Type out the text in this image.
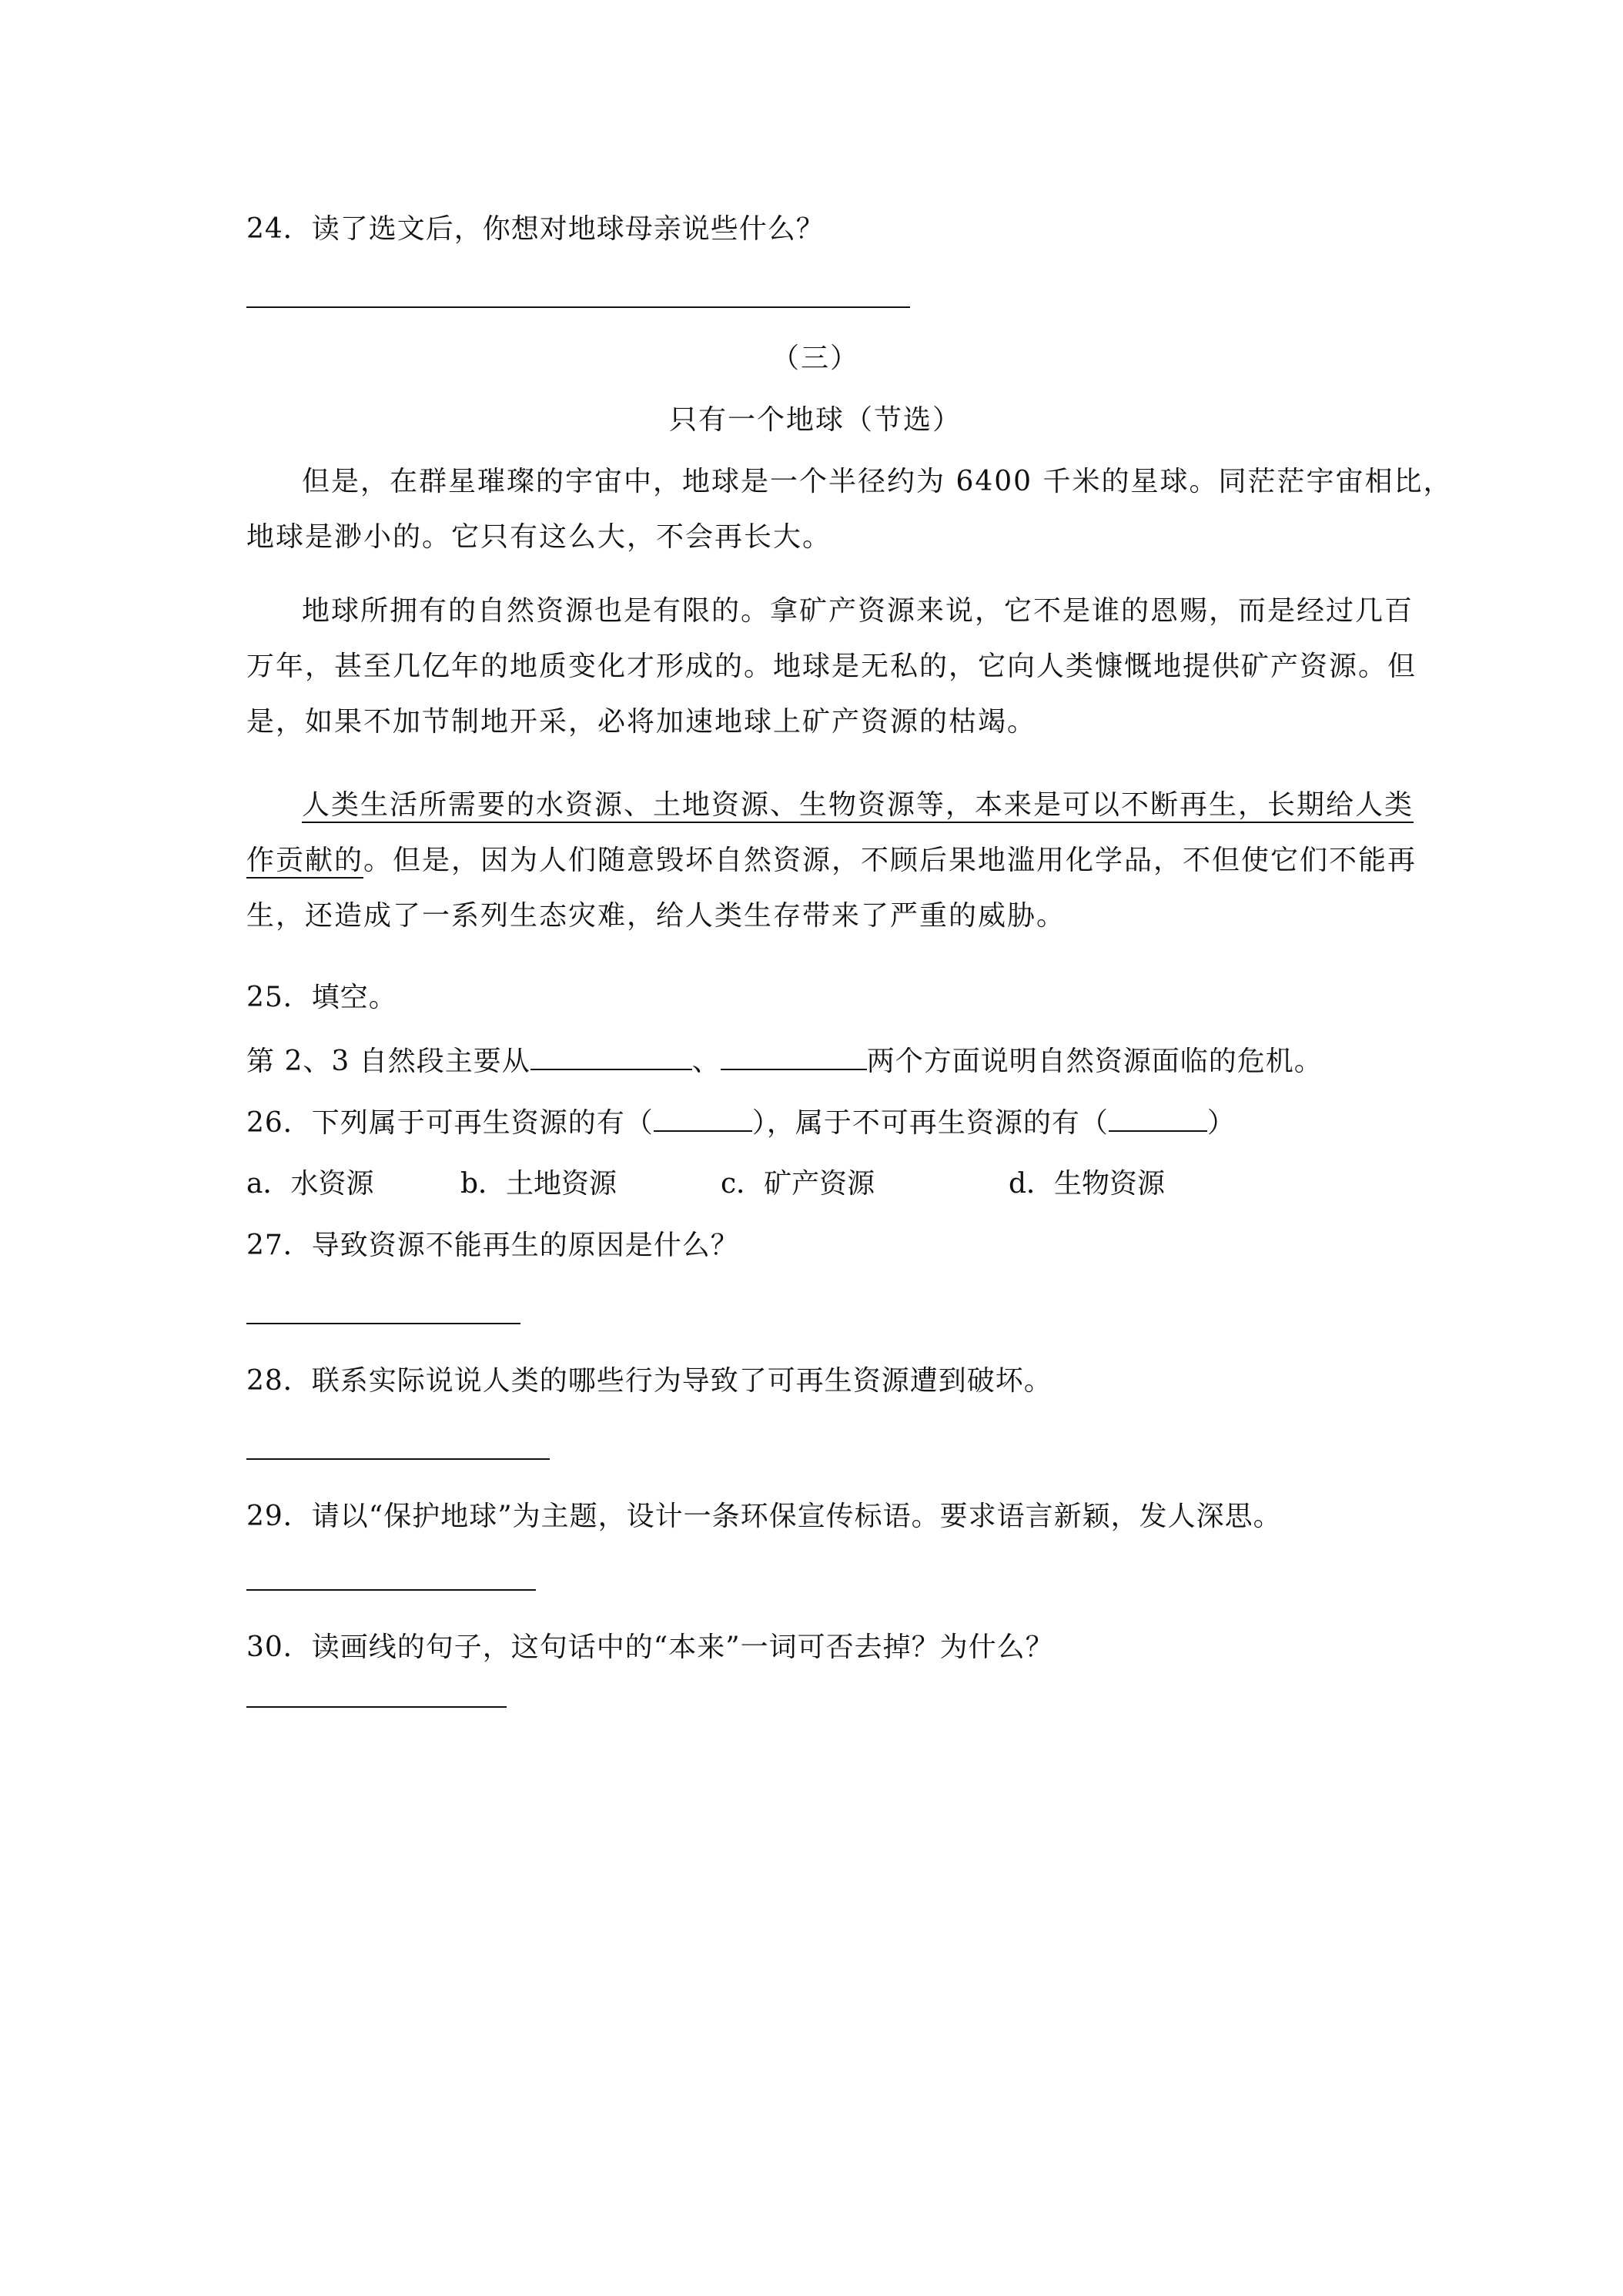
24．读了选文后，你想对地球母亲说些什么？
（三）
只有一个地球（节选）
但是，在群星璀璨的宇宙中，地球是一个半径约为 6400 千米的星球。同茫茫宇宙相比，
地球是渺小的。它只有这么大，不会再长大。
地球所拥有的自然资源也是有限的。拿矿产资源来说，它不是谁的恩赐，而是经过几百
万年，甚至几亿年的地质变化才形成的。地球是无私的，它向人类慷慨地提供矿产资源。但
是，如果不加节制地开采，必将加速地球上矿产资源的枯竭。
人类生活所需要的水资源、土地资源、生物资源等，本来是可以不断再生，长期给人类
作贡献的。但是，因为人们随意毁坏自然资源，不顾后果地滥用化学品，不但使它们不能再
生，还造成了一系列生态灾难，给人类生存带来了严重的威胁。
25．填空。
第 2、3 自然段主要从	、	两个方面说明自然资源面临的危机。
26．下列属于可再生资源的有（	），属于不可再生资源的有（	）
a．水资源	b．土地资源	c．矿产资源	d．生物资源
27．导致资源不能再生的原因是什么？
28．联系实际说说人类的哪些行为导致了可再生资源遭到破坏。
29．请以“保护地球”为主题，设计一条环保宣传标语。要求语言新颖，发人深思。
30．读画线的句子，这句话中的“本来”一词可否去掉？为什么？
